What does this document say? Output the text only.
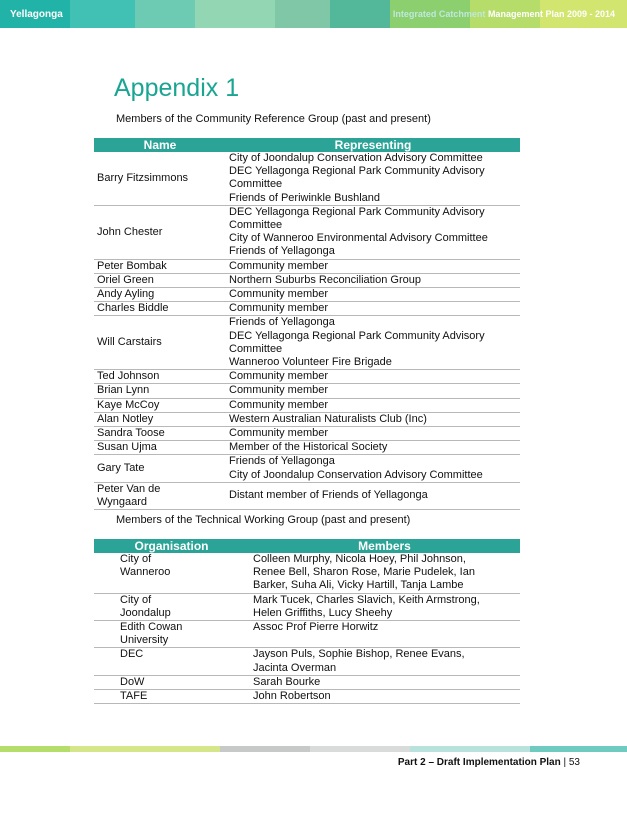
Yellagonga	Integrated Catchment Management Plan 2009 - 2014
Appendix 1

Members of the Community Reference Group (past and present)

Name	Representing

Barry Fitzsimmons	City of Joondalup Conservation Advisory Committee
DEC Yellagonga Regional Park Community Advisory
Committee
Friends of Periwinkle Bushland

John Chester	DEC Yellagonga Regional Park Community Advisory
Committee
City of Wanneroo Environmental Advisory Committee
Friends of Yellagonga

Peter Bombak	Community member

Oriel Green	Northern Suburbs Reconciliation Group

Andy Ayling	Community member

Charles Biddle	Community member

Will Carstairs	Friends of Yellagonga
DEC Yellagonga Regional Park Community Advisory
Committee
Wanneroo Volunteer Fire Brigade

Ted Johnson	Community member

Brian Lynn	Community member

Kaye McCoy	Community member

Alan Notley	Western Australian Naturalists Club (Inc)

Sandra Toose	Community member

Susan Ujma	Member of the Historical Society

Gary Tate	Friends of Yellagonga
City of Joondalup Conservation Advisory Committee

Peter Van de
Wyngaard	Distant member of Friends of Yellagonga

Members of the Technical Working Group (past and present)

Organisation	Members

City of
Wanneroo	Colleen Murphy, Nicola Hoey, Phil Johnson,
Renee Bell, Sharon Rose, Marie Pudelek, Ian
Barker, Suha Ali, Vicky Hartill, Tanja Lambe

City of
Joondalup	Mark Tucek, Charles Slavich, Keith Armstrong,
Helen Griffiths, Lucy Sheehy

Edith Cowan
University	Assoc Prof Pierre Horwitz

DEC	Jayson Puls, Sophie Bishop, Renee Evans,
Jacinta Overman

DoW	Sarah Bourke

TAFE	John Robertson
Part 2 – Draft Implementation Plan | 53
